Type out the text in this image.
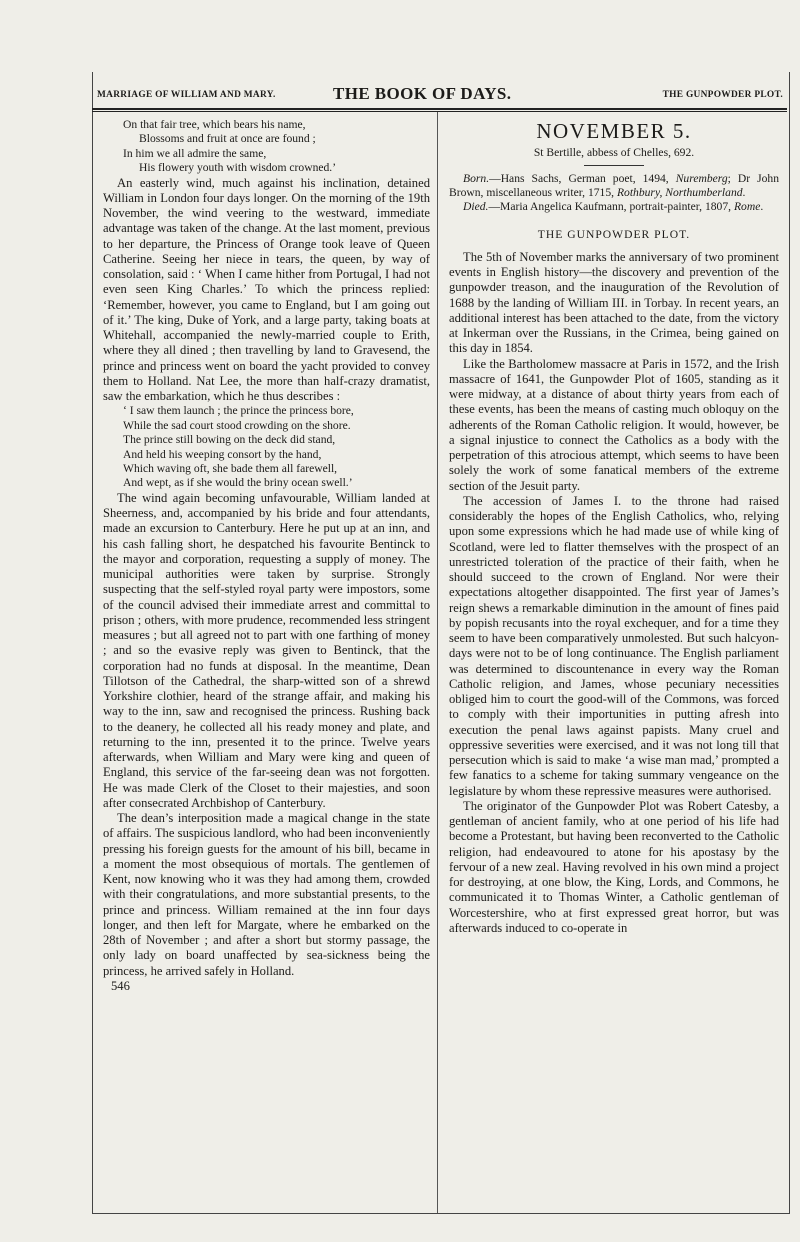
MARRIAGE OF WILLIAM AND MARY.	THE BOOK OF DAYS.	THE GUNPOWDER PLOT.
On that fair tree, which bears his name,
Blossoms and fruit at once are found ;
In him we all admire the same,
His flowery youth with wisdom crowned.’

An easterly wind, much against his inclination, detained William in London four days longer. On the morning of the 19th November, the wind veering to the westward, immediate advantage was taken of the change. At the last moment, previous to her departure, the Princess of Orange took leave of Queen Catherine. Seeing her niece in tears, the queen, by way of consolation, said : ‘ When I came hither from Portugal, I had not even seen King Charles.’ To which the princess replied: ‘Remember, however, you came to England, but I am going out of it.’ The king, Duke of York, and a large party, taking boats at Whitehall, accompanied the newly-married couple to Erith, where they all dined ; then travelling by land to Gravesend, the prince and princess went on board the yacht provided to convey them to Holland. Nat Lee, the more than half-crazy dramatist, saw the embarkation, which he thus describes :

‘ I saw them launch ; the prince the princess bore,
While the sad court stood crowding on the shore.
The prince still bowing on the deck did stand,
And held his weeping consort by the hand,
Which waving oft, she bade them all farewell,
And wept, as if she would the briny ocean swell.’

The wind again becoming unfavourable, William landed at Sheerness, and, accompanied by his bride and four attendants, made an excursion to Canterbury. Here he put up at an inn, and his cash falling short, he despatched his favourite Bentinck to the mayor and corporation, requesting a supply of money. The municipal authorities were taken by surprise. Strongly suspecting that the self-styled royal party were impostors, some of the council advised their immediate arrest and committal to prison ; others, with more prudence, recommended less stringent measures ; but all agreed not to part with one farthing of money ; and so the evasive reply was given to Bentinck, that the corporation had no funds at disposal. In the meantime, Dean Tillotson of the Cathedral, the sharp-witted son of a shrewd Yorkshire clothier, heard of the strange affair, and making his way to the inn, saw and recognised the princess. Rushing back to the deanery, he collected all his ready money and plate, and returning to the inn, presented it to the prince. Twelve years afterwards, when William and Mary were king and queen of England, this service of the far-seeing dean was not forgotten. He was made Clerk of the Closet to their majesties, and soon after consecrated Archbishop of Canterbury.

The dean’s interposition made a magical change in the state of affairs. The suspicious landlord, who had been inconveniently pressing his foreign guests for the amount of his bill, became in a moment the most obsequious of mortals. The gentlemen of Kent, now knowing who it was they had among them, crowded with their congratulations, and more substantial presents, to the prince and princess. William remained at the inn four days longer, and then left for Margate, where he embarked on the 28th of November ; and after a short but stormy passage, the only lady on board unaffected by sea-sickness being the princess, he arrived safely in Holland.

546
NOVEMBER 5.
St Bertille, abbess of Chelles, 692.

Born.—Hans Sachs, German poet, 1494, Nuremberg; Dr John Brown, miscellaneous writer, 1715, Rothbury, Northumberland.

Died.—Maria Angelica Kaufmann, portrait-painter, 1807, Rome.

THE GUNPOWDER PLOT.

The 5th of November marks the anniversary of two prominent events in English history—the discovery and prevention of the gunpowder treason, and the inauguration of the Revolution of 1688 by the landing of William III. in Torbay. In recent years, an additional interest has been attached to the date, from the victory at Inkerman over the Russians, in the Crimea, being gained on this day in 1854.

Like the Bartholomew massacre at Paris in 1572, and the Irish massacre of 1641, the Gunpowder Plot of 1605, standing as it were midway, at a distance of about thirty years from each of these events, has been the means of casting much obloquy on the adherents of the Roman Catholic religion. It would, however, be a signal injustice to connect the Catholics as a body with the perpetration of this atrocious attempt, which seems to have been solely the work of some fanatical members of the extreme section of the Jesuit party.

The accession of James I. to the throne had raised considerably the hopes of the English Catholics, who, relying upon some expressions which he had made use of while king of Scotland, were led to flatter themselves with the prospect of an unrestricted toleration of the practice of their faith, when he should succeed to the crown of England. Nor were their expectations altogether disappointed. The first year of James’s reign shews a remarkable diminution in the amount of fines paid by popish recusants into the royal exchequer, and for a time they seem to have been comparatively unmolested. But such halcyon-days were not to be of long continuance. The English parliament was determined to discountenance in every way the Roman Catholic religion, and James, whose pecuniary necessities obliged him to court the good-will of the Commons, was forced to comply with their importunities in putting afresh into execution the penal laws against papists. Many cruel and oppressive severities were exercised, and it was not long till that persecution which is said to make ‘a wise man mad,’ prompted a few fanatics to a scheme for taking summary vengeance on the legislature by whom these repressive measures were authorised.

The originator of the Gunpowder Plot was Robert Catesby, a gentleman of ancient family, who at one period of his life had become a Protestant, but having been reconverted to the Catholic religion, had endeavoured to atone for his apostasy by the fervour of a new zeal. Having revolved in his own mind a project for destroying, at one blow, the King, Lords, and Commons, he communicated it to Thomas Winter, a Catholic gentleman of Worcestershire, who at first expressed great horror, but was afterwards induced to co-operate in
